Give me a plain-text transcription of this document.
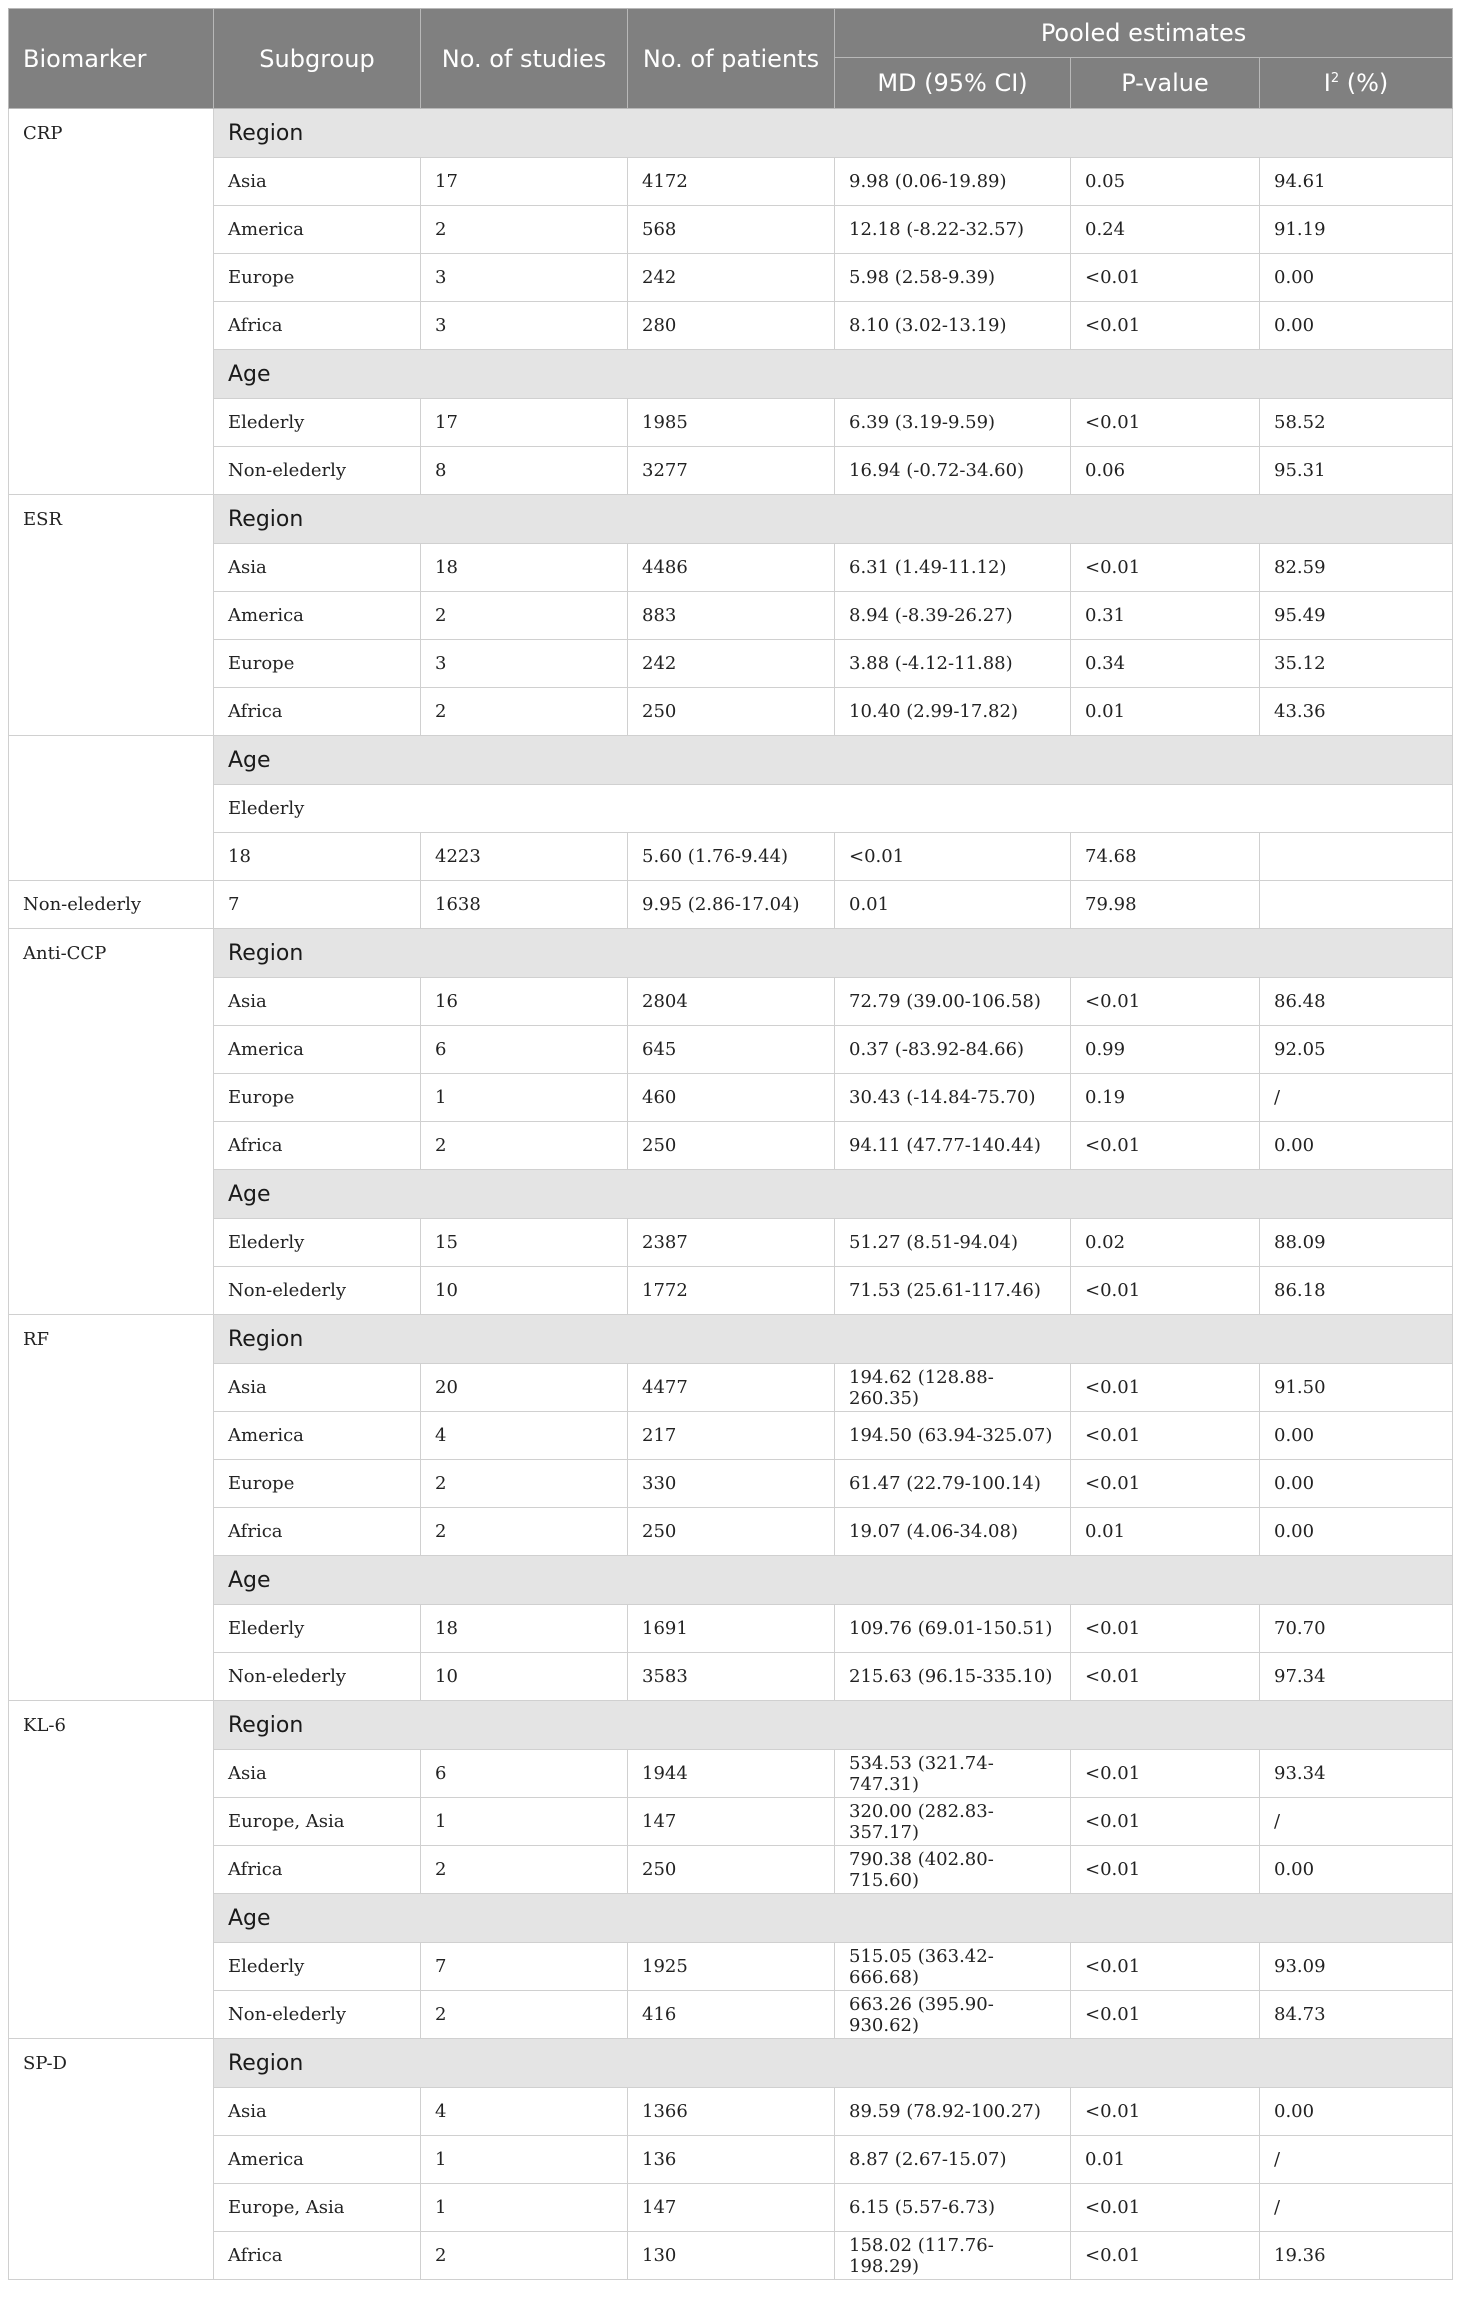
Biomarker	Subgroup	No. of studies	No. of patients	Pooled estimates		
				MD (95% CI)	P-value	$I^2$ (%)
CRP	Region					
	Asia	17	4172	9.98 (0.06-19.89)	0.05	94.61
	America	2	568	12.18 (-8.22-32.57)	0.24	91.19
	Europe	3	242	5.98 (2.58-9.39)	<0.01	0.00
	Africa	3	280	8.10 (3.02-13.19)	<0.01	0.00
	Age					
	Elederly	17	1985	6.39 (3.19-9.59)	<0.01	58.52
	Non-elederly	8	3277	16.94 (-0.72-34.60)	0.06	95.31
ESR	Region					
	Asia	18	4486	6.31 (1.49-11.12)	<0.01	82.59
	America	2	883	8.94 (-8.39-26.27)	0.31	95.49
	Europe	3	242	3.88 (-4.12-11.88)	0.34	35.12
	Africa	2	250	10.40 (2.99-17.82)	0.01	43.36
	Age					
	Elederly					
	18	4223	5.60 (1.76-9.44)	<0.01	74.68	
Non-elederly	7	1638	9.95 (2.86-17.04)	0.01	79.98	
Anti-CCP	Region					
	Asia	16	2804	72.79 (39.00-106.58)	<0.01	86.48
	America	6	645	0.37 (-83.92-84.66)	0.99	92.05
	Europe	1	460	30.43 (-14.84-75.70)	0.19	/
	Africa	2	250	94.11 (47.77-140.44)	<0.01	0.00
	Age					
	Elederly	15	2387	51.27 (8.51-94.04)	0.02	88.09
	Non-elederly	10	1772	71.53 (25.61-117.46)	<0.01	86.18
RF	Region					
	Asia	20	4477	194.62 (128.88-260.35)	<0.01	91.50
	America	4	217	194.50 (63.94-325.07)	<0.01	0.00
	Europe	2	330	61.47 (22.79-100.14)	<0.01	0.00
	Africa	2	250	19.07 (4.06-34.08)	0.01	0.00
	Age					
	Elederly	18	1691	109.76 (69.01-150.51)	<0.01	70.70
	Non-elederly	10	3583	215.63 (96.15-335.10)	<0.01	97.34
KL-6	Region					
	Asia	6	1944	534.53 (321.74-747.31)	<0.01	93.34
	Europe, Asia	1	147	320.00 (282.83-357.17)	<0.01	/
	Africa	2	250	790.38 (402.80-715.60)	<0.01	0.00
	Age					
	Elederly	7	1925	515.05 (363.42-666.68)	<0.01	93.09
	Non-elederly	2	416	663.26 (395.90-930.62)	<0.01	84.73
SP-D	Region					
	Asia	4	1366	89.59 (78.92-100.27)	<0.01	0.00
	America	1	136	8.87 (2.67-15.07)	0.01	/
	Europe, Asia	1	147	6.15 (5.57-6.73)	<0.01	/
	Africa	2	130	158.02 (117.76-198.29)	<0.01	19.36
